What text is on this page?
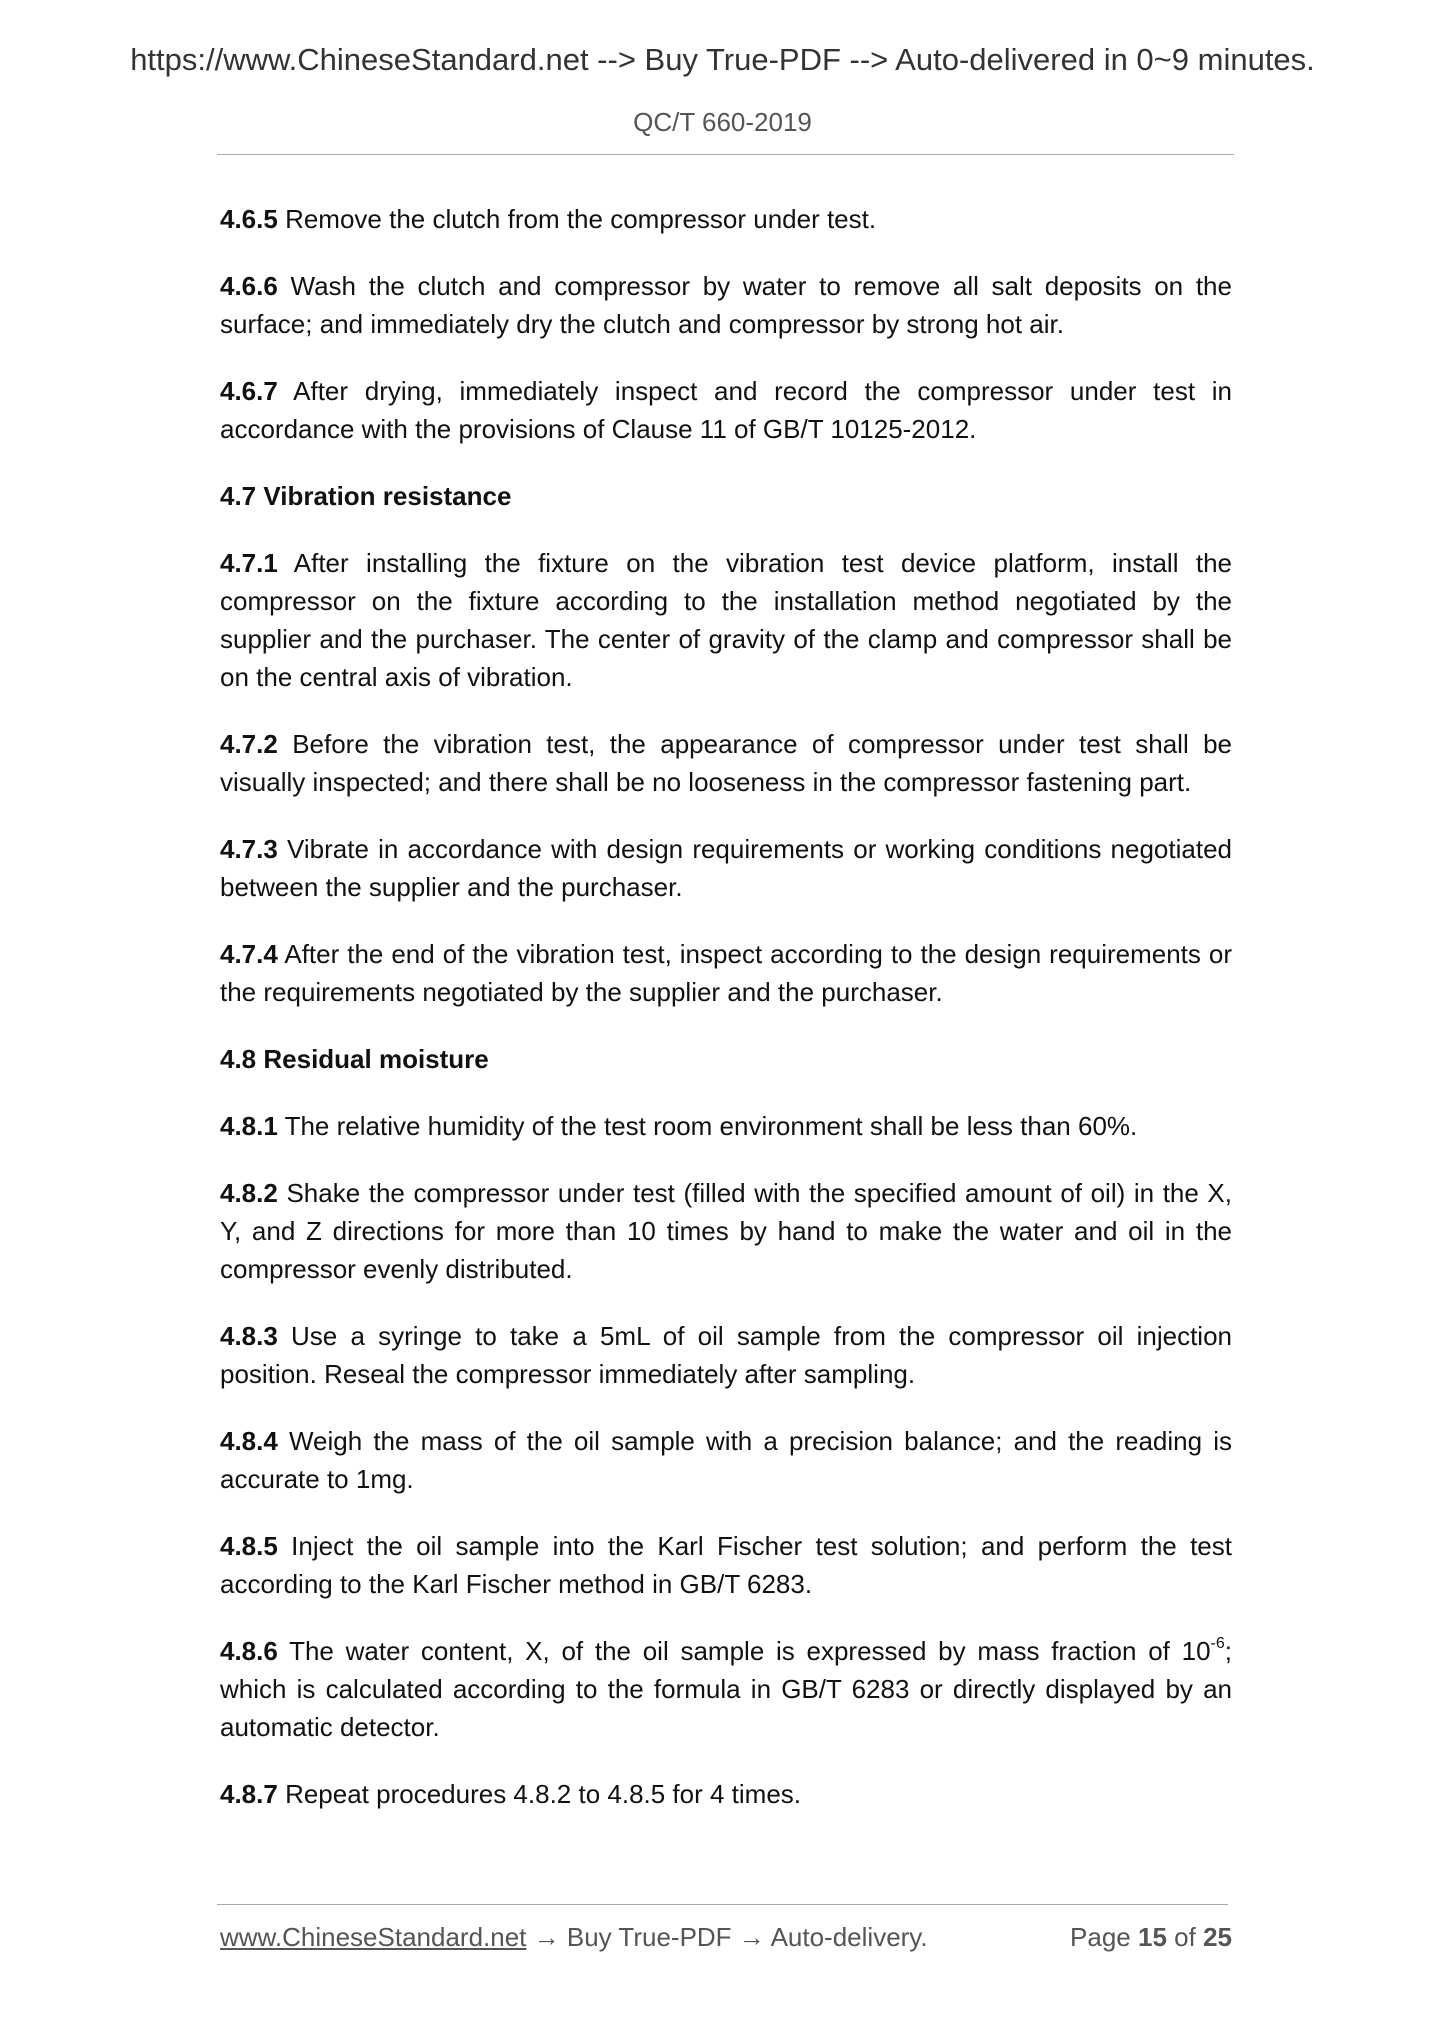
https://www.ChineseStandard.net --> Buy True-PDF --> Auto-delivered in 0~9 minutes.
QC/T 660-2019

4.6.5 Remove the clutch from the compressor under test.

4.6.6 Wash the clutch and compressor by water to remove all salt deposits on the surface; and immediately dry the clutch and compressor by strong hot air.

4.6.7 After drying, immediately inspect and record the compressor under test in accordance with the provisions of Clause 11 of GB/T 10125-2012.

4.7 Vibration resistance

4.7.1 After installing the fixture on the vibration test device platform, install the compressor on the fixture according to the installation method negotiated by the supplier and the purchaser. The center of gravity of the clamp and compressor shall be on the central axis of vibration.

4.7.2 Before the vibration test, the appearance of compressor under test shall be visually inspected; and there shall be no looseness in the compressor fastening part.

4.7.3 Vibrate in accordance with design requirements or working conditions negotiated between the supplier and the purchaser.

4.7.4 After the end of the vibration test, inspect according to the design requirements or the requirements negotiated by the supplier and the purchaser.

4.8 Residual moisture

4.8.1 The relative humidity of the test room environment shall be less than 60%.

4.8.2 Shake the compressor under test (filled with the specified amount of oil) in the X, Y, and Z directions for more than 10 times by hand to make the water and oil in the compressor evenly distributed.

4.8.3 Use a syringe to take a 5mL of oil sample from the compressor oil injection position. Reseal the compressor immediately after sampling.

4.8.4 Weigh the mass of the oil sample with a precision balance; and the reading is accurate to 1mg.

4.8.5 Inject the oil sample into the Karl Fischer test solution; and perform the test according to the Karl Fischer method in GB/T 6283.

4.8.6 The water content, X, of the oil sample is expressed by mass fraction of $10^{-6}$; which is calculated according to the formula in GB/T 6283 or directly displayed by an automatic detector.

4.8.7 Repeat procedures 4.8.2 to 4.8.5 for 4 times.

www.ChineseStandard.net → Buy True-PDF → Auto-delivery.	Page 15 of 25
